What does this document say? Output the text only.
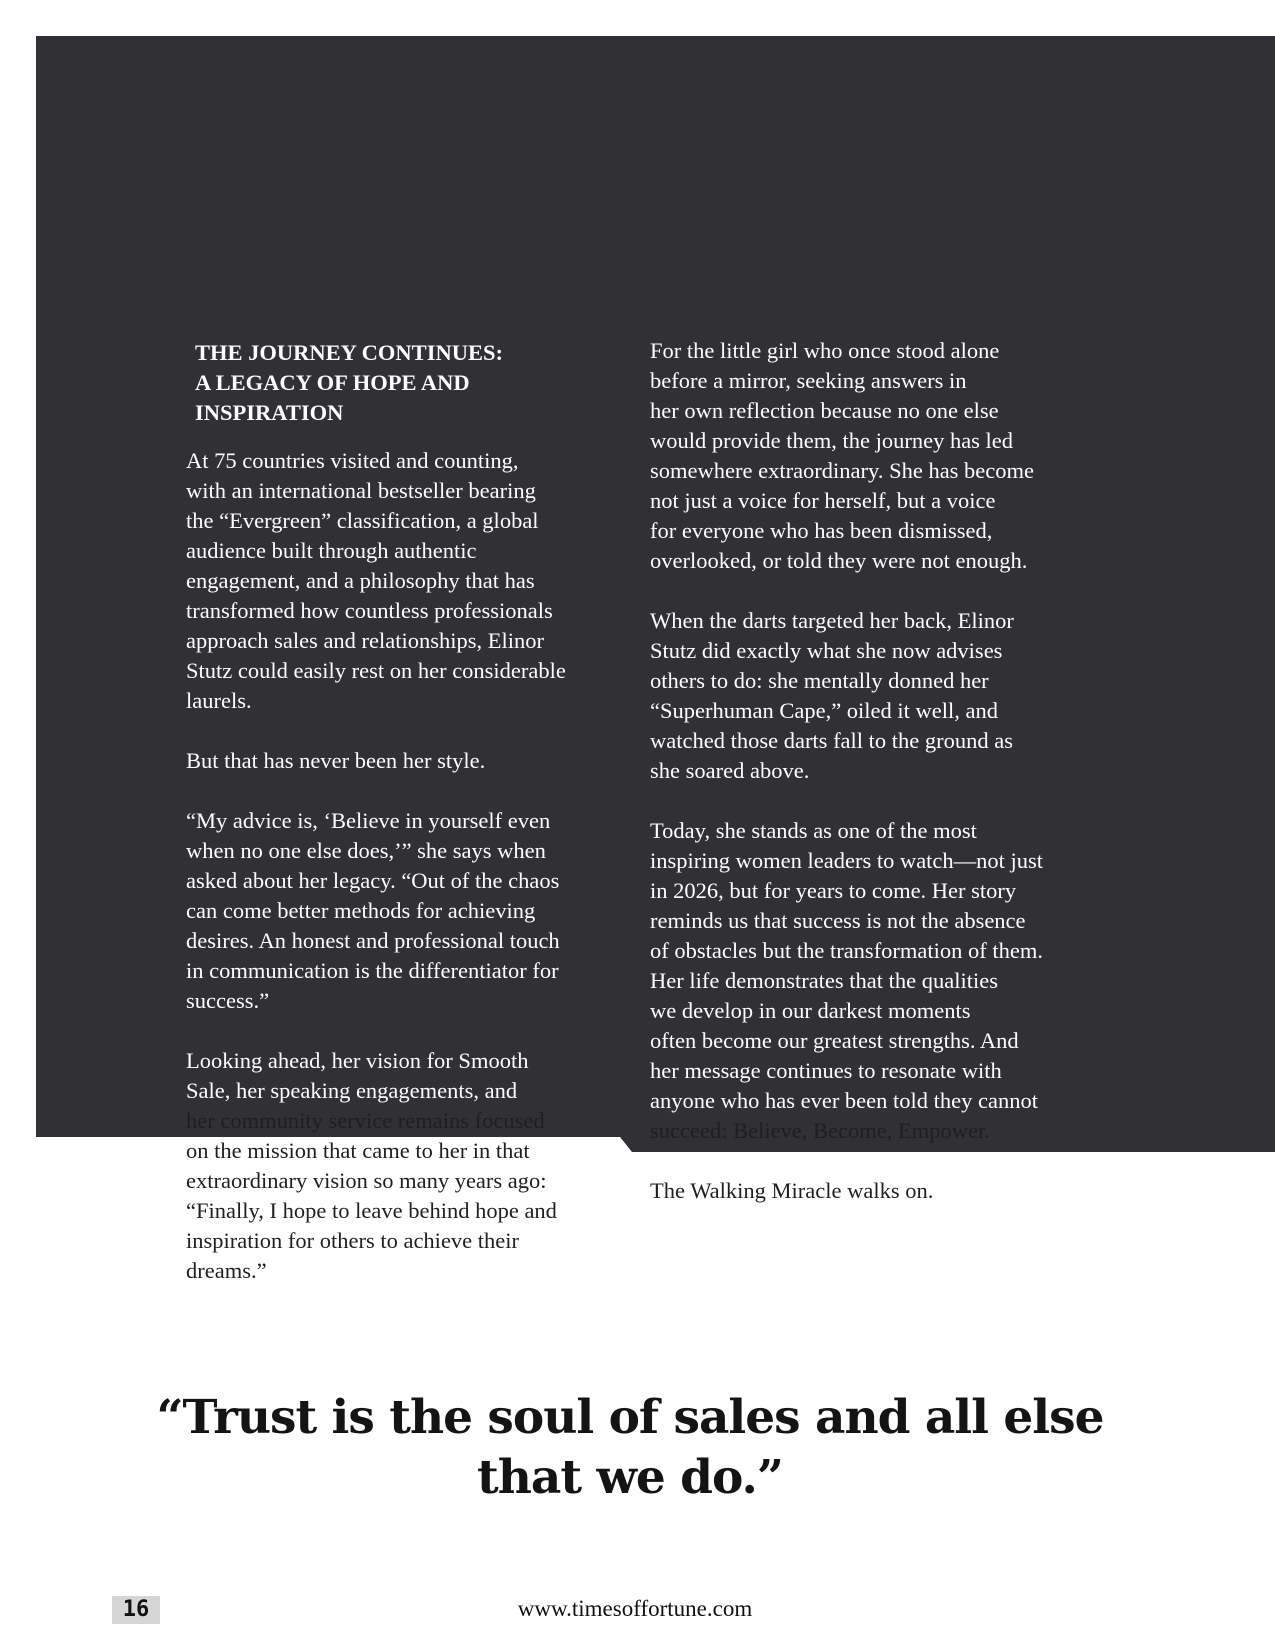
THE JOURNEY CONTINUES:
A LEGACY OF HOPE AND
INSPIRATION

At 75 countries visited and counting,
with an international bestseller bearing
the “Evergreen” classification, a global
audience built through authentic
engagement, and a philosophy that has
transformed how countless professionals
approach sales and relationships, Elinor
Stutz could easily rest on her considerable
laurels.

But that has never been her style.

“My advice is, ‘Believe in yourself even
when no one else does,’” she says when
asked about her legacy. “Out of the chaos
can come better methods for achieving
desires. An honest and professional touch
in communication is the differentiator for
success.”

Looking ahead, her vision for Smooth
Sale, her speaking engagements, and
her community service remains focused
on the mission that came to her in that
extraordinary vision so many years ago:
“Finally, I hope to leave behind hope and
inspiration for others to achieve their
dreams.”

For the little girl who once stood alone
before a mirror, seeking answers in
her own reflection because no one else
would provide them, the journey has led
somewhere extraordinary. She has become
not just a voice for herself, but a voice
for everyone who has been dismissed,
overlooked, or told they were not enough.

When the darts targeted her back, Elinor
Stutz did exactly what she now advises
others to do: she mentally donned her
“Superhuman Cape,” oiled it well, and
watched those darts fall to the ground as
she soared above.

Today, she stands as one of the most
inspiring women leaders to watch—not just
in 2026, but for years to come. Her story
reminds us that success is not the absence
of obstacles but the transformation of them.
Her life demonstrates that the qualities
we develop in our darkest moments
often become our greatest strengths. And
her message continues to resonate with
anyone who has ever been told they cannot
succeed: Believe, Become, Empower.

The Walking Miracle walks on.

“Trust is the soul of sales and all else
that we do.”
16	www.timesoffortune.com
